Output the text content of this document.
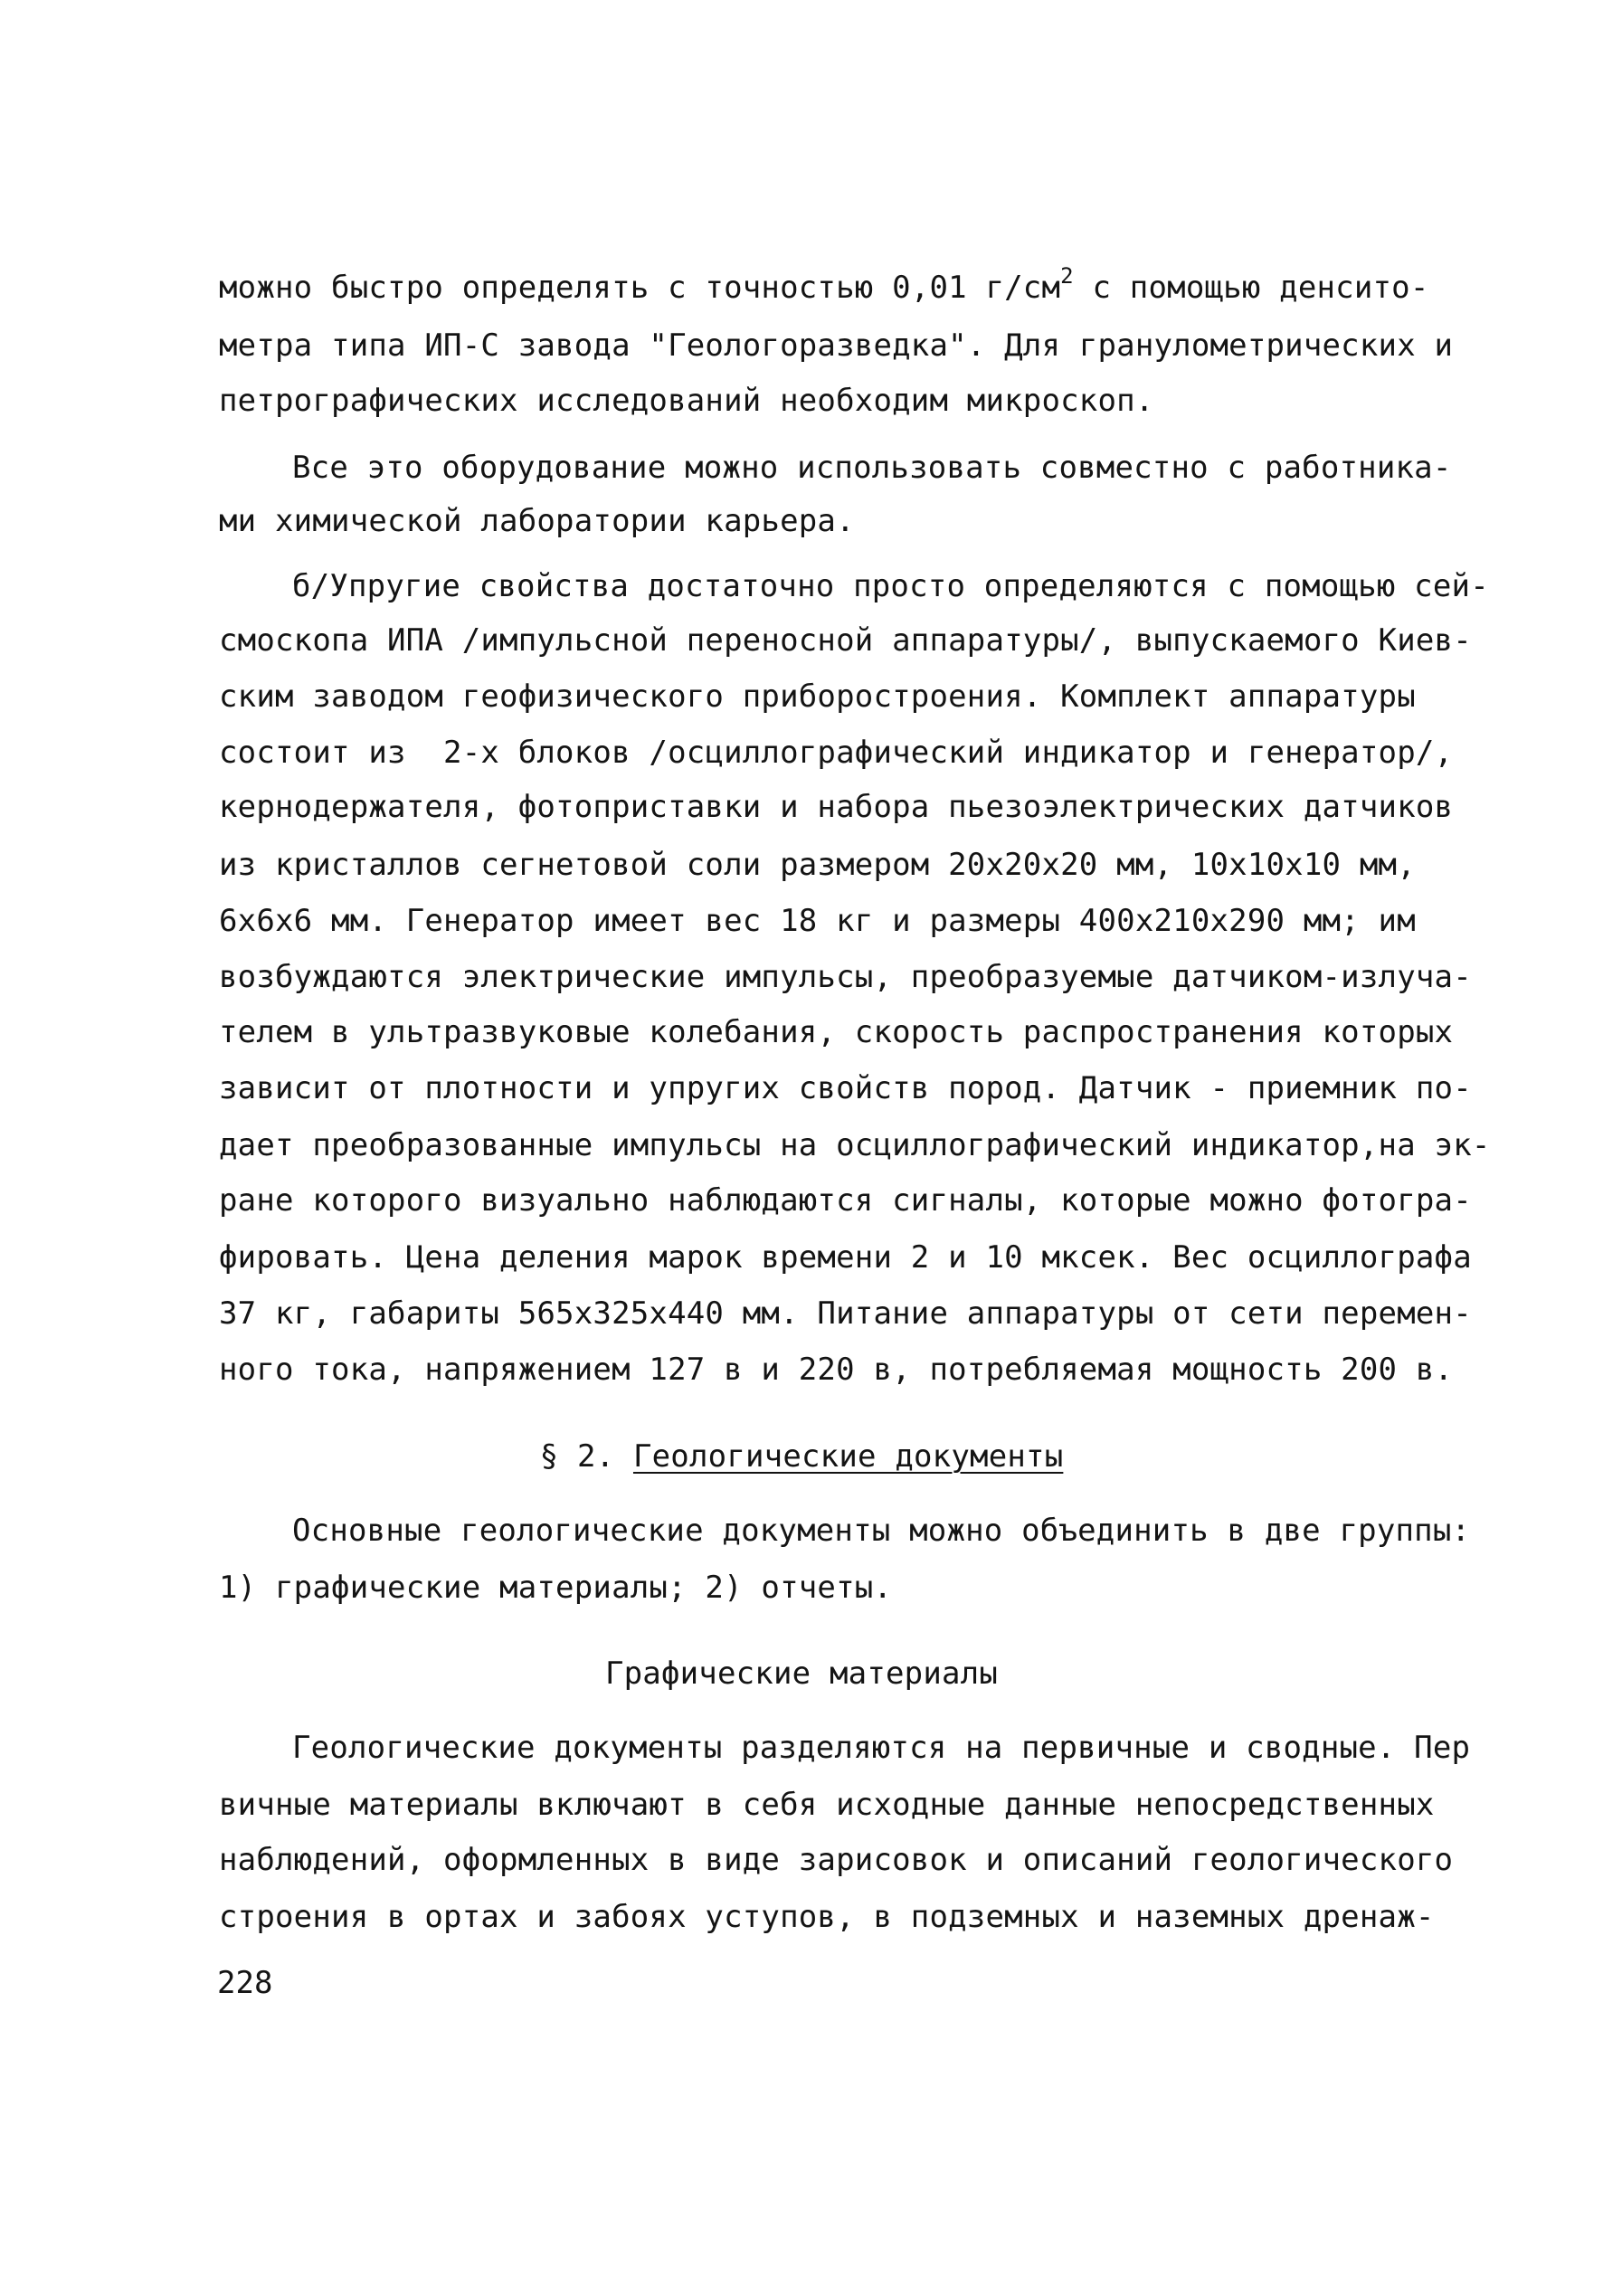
можно быстро определять с точностью 0,01 $г/см^2$ с помощью денсито-
метра типа ИП-С завода "Геологоразведка". Для гранулометрических и
петрографических исследований необходим микроскоп.
Все это оборудование можно использовать совместно с работника-
ми химической лаборатории карьера.
б/Упругие свойства достаточно просто определяются с помощью сей-
смоскопа ИПА /импульсной переносной аппаратуры/, выпускаемого Киев-
ским заводом геофизического приборостроения. Комплект аппаратуры
состоит из  2-х блоков /осциллографический индикатор и генератор/,
кернодержателя, фотоприставки и набора пьезоэлектрических датчиков
из кристаллов сегнетовой соли размером 20х20х20 мм, 10х10х10 мм,
6х6х6 мм. Генератор имеет вес 18 кг и размеры 400х210х290 мм; им
возбуждаются электрические импульсы, преобразуемые датчиком-излуча-
телем в ультразвуковые колебания, скорость распространения которых
зависит от плотности и упругих свойств пород. Датчик - приемник по-
дает преобразованные импульсы на осциллографический индикатор,на эк-
ране которого визуально наблюдаются сигналы, которые можно фотогра-
фировать. Цена деления марок времени 2 и 10 мксек. Вес осциллографа
37 кг, габариты 565х325х440 мм. Питание аппаратуры от сети перемен-
ного тока, напряжением 127 в и 220 в, потребляемая мощность 200 в.
§ 2. Геологические документы
Основные геологические документы можно объединить в две группы:
1) графические материалы; 2) отчеты.
Графические материалы
Геологические документы разделяются на первичные и сводные. Пер
вичные материалы включают в себя исходные данные непосредственных
наблюдений, оформленных в виде зарисовок и описаний геологического
строения в ортах и забоях уступов, в подземных и наземных дренаж-
228
